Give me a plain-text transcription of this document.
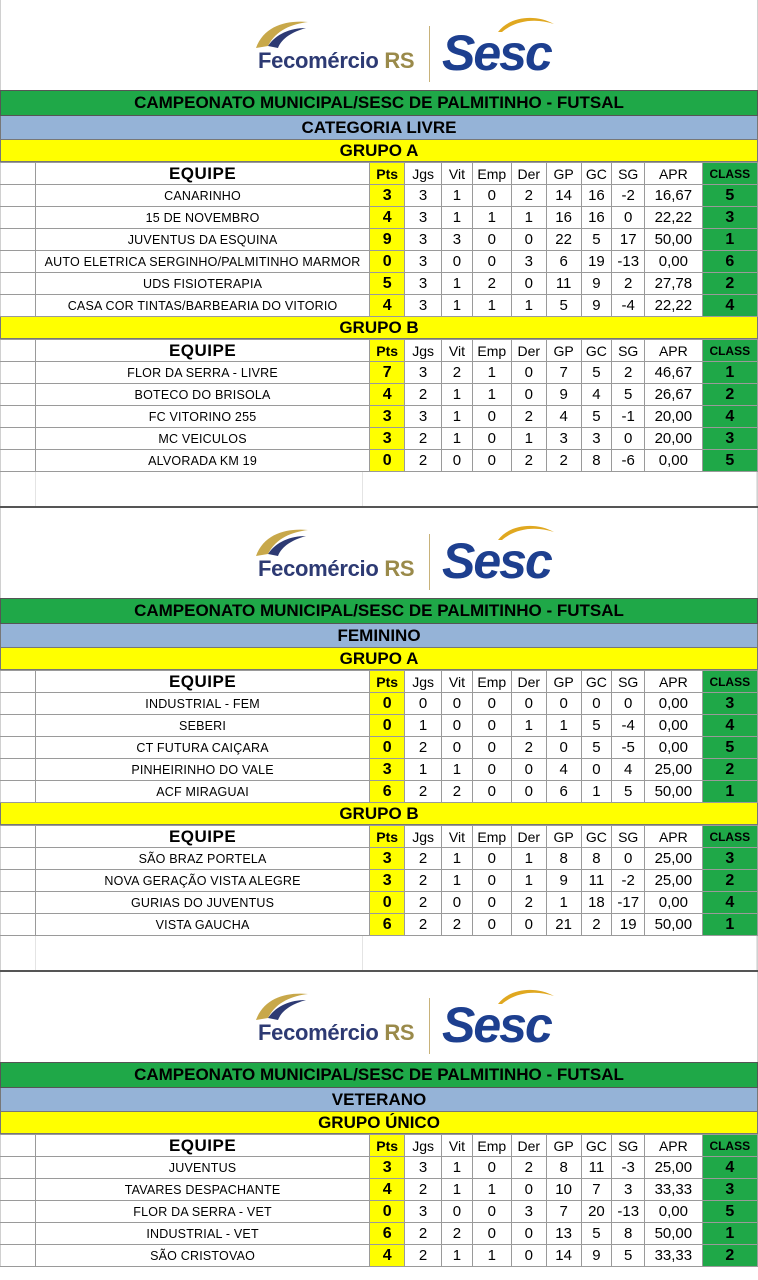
Fecomércio RS Sesc
CAMPEONATO MUNICIPAL/SESC DE PALMITINHO - FUTSAL
CATEGORIA LIVRE
GRUPO A
	EQUIPE	Pts	Jgs	Vit	Emp	Der	GP	GC	SG	APR	CLASS
	CANARINHO	3	3	1	0	2	14	16	-2	16,67	5
	15 DE NOVEMBRO	4	3	1	1	1	16	16	0	22,22	3
	JUVENTUS DA ESQUINA	9	3	3	0	0	22	5	17	50,00	1
	AUTO ELETRICA SERGINHO/PALMITINHO MARMOR	0	3	0	0	3	6	19	-13	0,00	6
	UDS FISIOTERAPIA	5	3	1	2	0	11	9	2	27,78	2
	CASA COR TINTAS/BARBEARIA DO VITORIO	4	3	1	1	1	5	9	-4	22,22	4
GRUPO B
	EQUIPE	Pts	Jgs	Vit	Emp	Der	GP	GC	SG	APR	CLASS
	FLOR DA SERRA - LIVRE	7	3	2	1	0	7	5	2	46,67	1
	BOTECO DO BRISOLA	4	2	1	1	0	9	4	5	26,67	2
	FC VITORINO 255	3	3	1	0	2	4	5	-1	20,00	4
	MC VEICULOS	3	2	1	0	1	3	3	0	20,00	3
	ALVORADA KM 19	0	2	0	0	2	2	8	-6	0,00	5
Fecomércio RS Sesc
CAMPEONATO MUNICIPAL/SESC DE PALMITINHO - FUTSAL
FEMININO
GRUPO A
	EQUIPE	Pts	Jgs	Vit	Emp	Der	GP	GC	SG	APR	CLASS
	INDUSTRIAL - FEM	0	0	0	0	0	0	0	0	0,00	3
	SEBERI	0	1	0	0	1	1	5	-4	0,00	4
	CT FUTURA CAIÇARA	0	2	0	0	2	0	5	-5	0,00	5
	PINHEIRINHO DO VALE	3	1	1	0	0	4	0	4	25,00	2
	ACF MIRAGUAI	6	2	2	0	0	6	1	5	50,00	1
GRUPO B
	EQUIPE	Pts	Jgs	Vit	Emp	Der	GP	GC	SG	APR	CLASS
	SÃO BRAZ PORTELA	3	2	1	0	1	8	8	0	25,00	3
	NOVA GERAÇÃO VISTA ALEGRE	3	2	1	0	1	9	11	-2	25,00	2
	GURIAS DO JUVENTUS	0	2	0	0	2	1	18	-17	0,00	4
	VISTA GAUCHA	6	2	2	0	0	21	2	19	50,00	1
Fecomércio RS Sesc
CAMPEONATO MUNICIPAL/SESC DE PALMITINHO - FUTSAL
VETERANO
GRUPO ÚNICO
	EQUIPE	Pts	Jgs	Vit	Emp	Der	GP	GC	SG	APR	CLASS
	JUVENTUS	3	3	1	0	2	8	11	-3	25,00	4
	TAVARES DESPACHANTE	4	2	1	1	0	10	7	3	33,33	3
	FLOR DA SERRA - VET	0	3	0	0	3	7	20	-13	0,00	5
	INDUSTRIAL - VET	6	2	2	0	0	13	5	8	50,00	1
	SÃO CRISTOVAO	4	2	1	1	0	14	9	5	33,33	2
